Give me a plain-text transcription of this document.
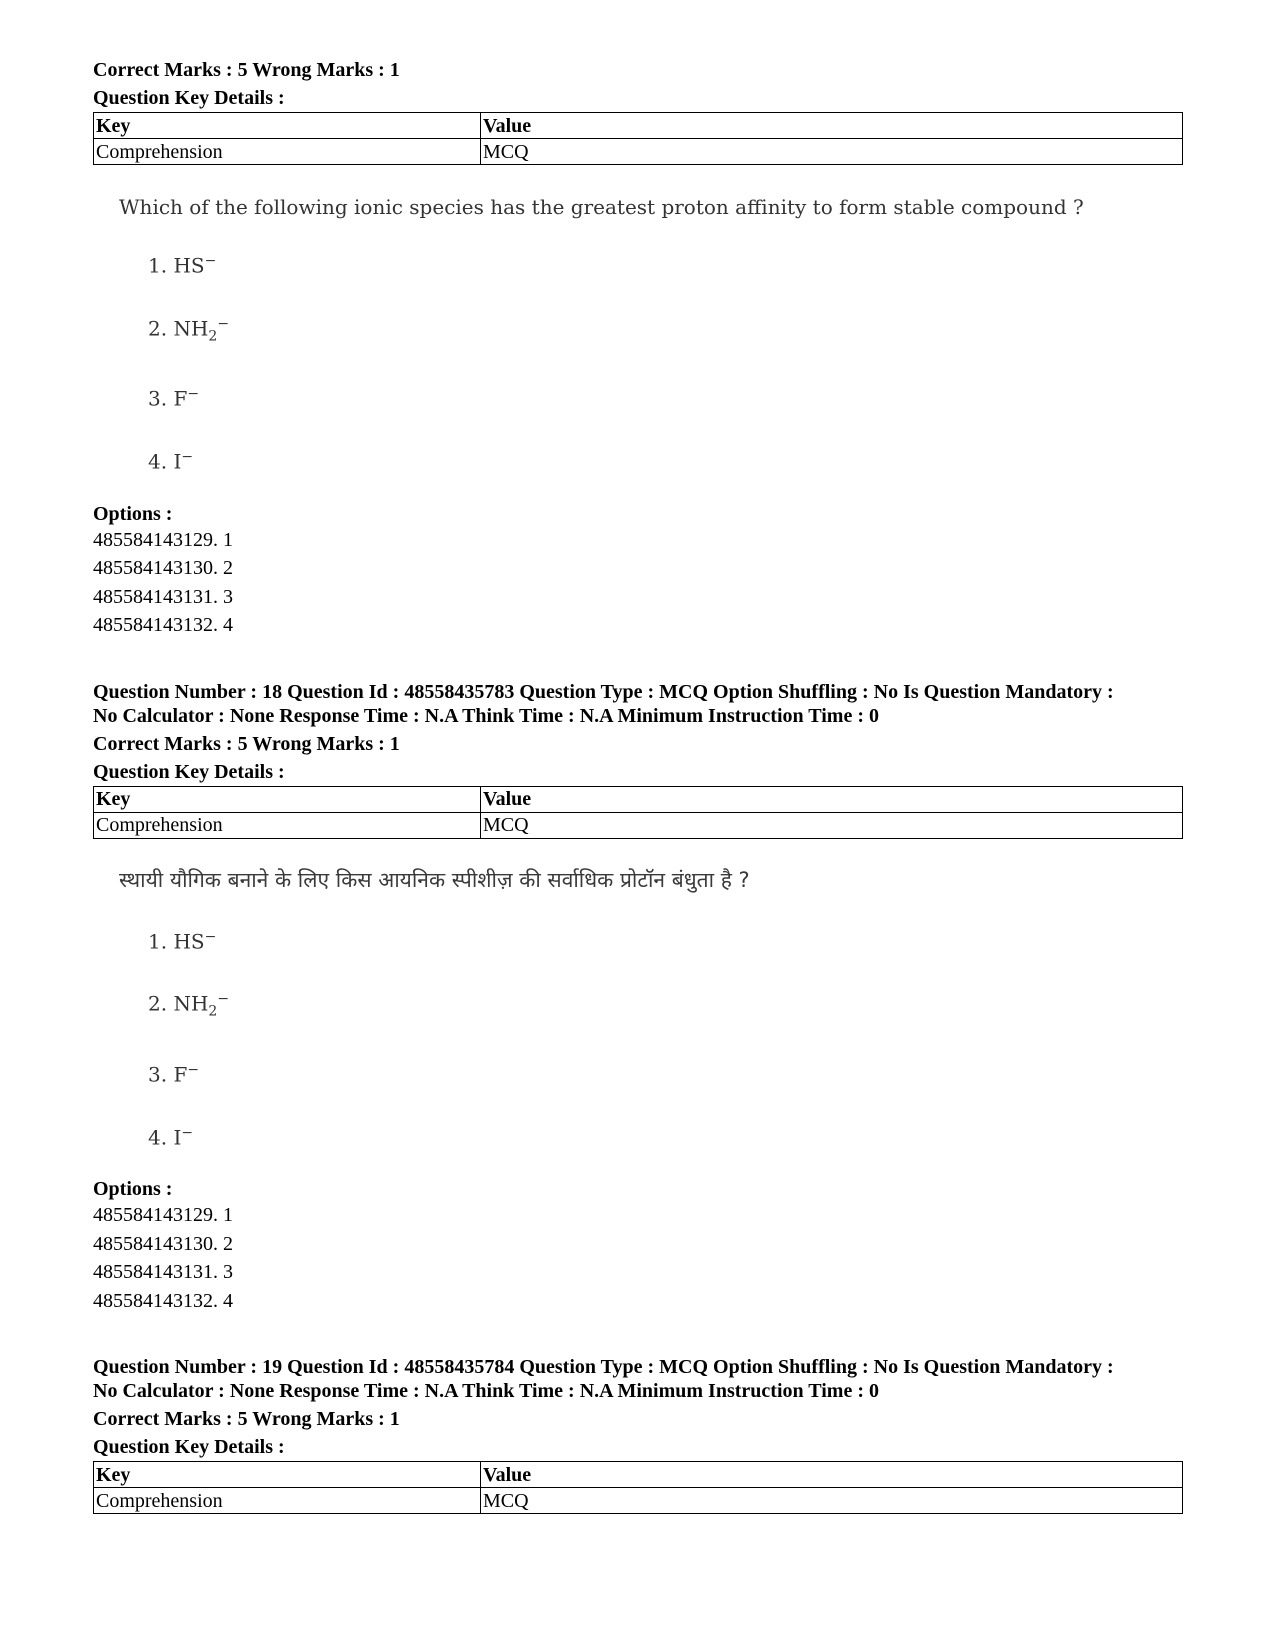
Correct Marks : 5 Wrong Marks : 1
Question Key Details :
Key	Value
Comprehension	MCQ
Which of the following ionic species has the greatest proton affinity to form stable compound ?
1. HS−
2. $NH_2^-$
3. F−
4. I−
Options :
485584143129. 1
485584143130. 2
485584143131. 3
485584143132. 4
Question Number : 18 Question Id : 48558435783 Question Type : MCQ Option Shuffling : No Is Question Mandatory :
No Calculator : None Response Time : N.A Think Time : N.A Minimum Instruction Time : 0
Correct Marks : 5 Wrong Marks : 1
Question Key Details :
Key	Value
Comprehension	MCQ
स्थायी यौगिक बनाने के लिए किस आयनिक स्पीशीज़ की सर्वाधिक प्रोटॉन बंधुता है ?
1. HS−
2. $NH_2^-$
3. F−
4. I−
Options :
485584143129. 1
485584143130. 2
485584143131. 3
485584143132. 4
Question Number : 19 Question Id : 48558435784 Question Type : MCQ Option Shuffling : No Is Question Mandatory :
No Calculator : None Response Time : N.A Think Time : N.A Minimum Instruction Time : 0
Correct Marks : 5 Wrong Marks : 1
Question Key Details :
Key	Value
Comprehension	MCQ
